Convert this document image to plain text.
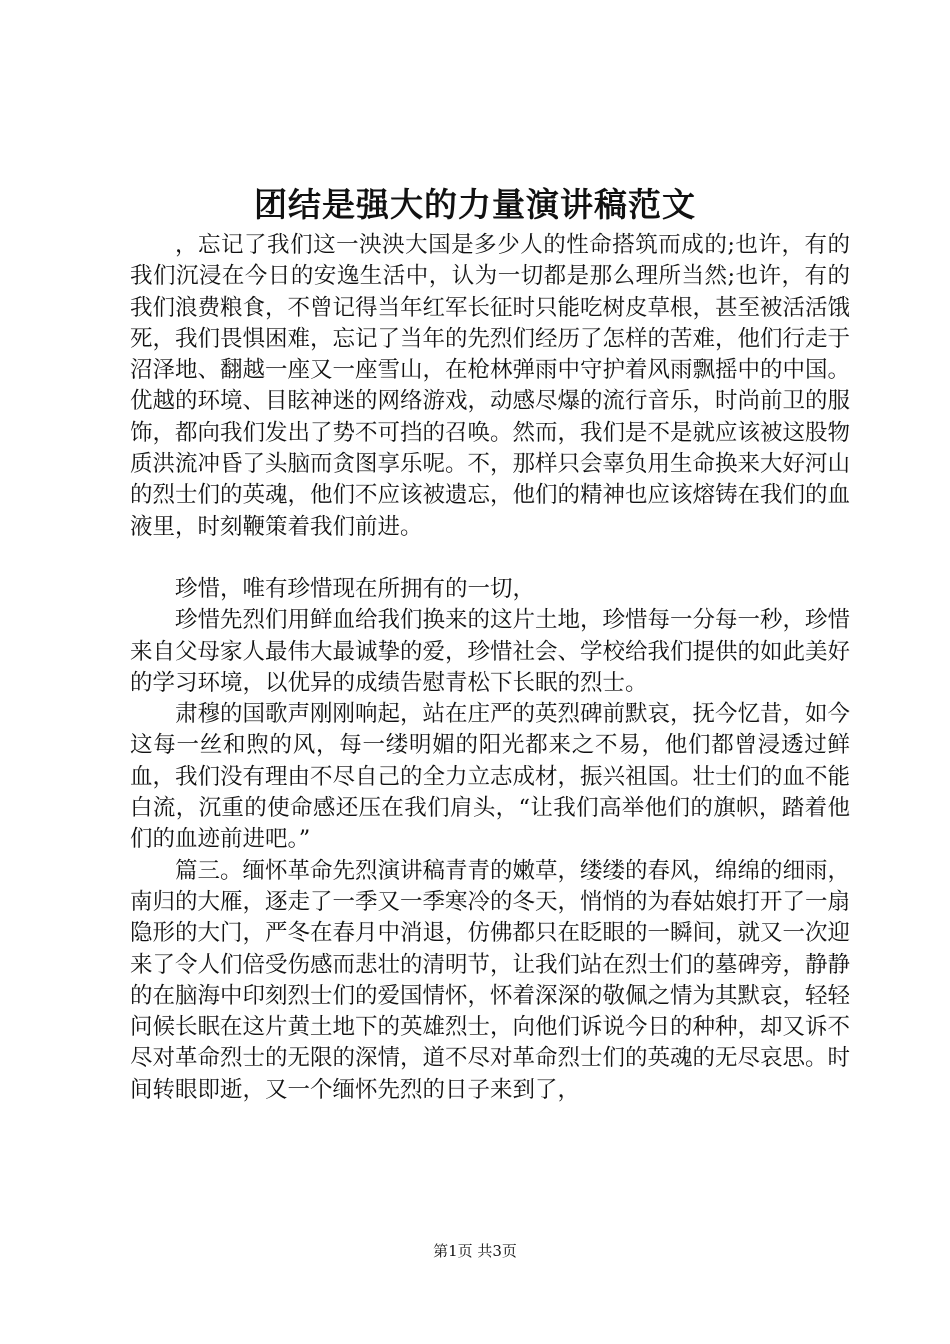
团结是强大的力量演讲稿范文

，忘记了我们这一泱泱大国是多少人的性命搭筑而成的;也许，有的我们沉浸在今日的安逸生活中，认为一切都是那么理所当然;也许，有的我们浪费粮食，不曾记得当年红军长征时只能吃树皮草根，甚至被活活饿死，我们畏惧困难，忘记了当年的先烈们经历了怎样的苦难，他们行走于沼泽地、翻越一座又一座雪山，在枪林弹雨中守护着风雨飘摇中的中国。优越的环境、目眩神迷的网络游戏，动感尽爆的流行音乐，时尚前卫的服饰，都向我们发出了势不可挡的召唤。然而，我们是不是就应该被这股物质洪流冲昏了头脑而贪图享乐呢。不，那样只会辜负用生命换来大好河山的烈士们的英魂，他们不应该被遗忘，他们的精神也应该熔铸在我们的血液里，时刻鞭策着我们前进。

珍惜，唯有珍惜现在所拥有的一切，

珍惜先烈们用鲜血给我们换来的这片土地，珍惜每一分每一秒，珍惜来自父母家人最伟大最诚挚的爱，珍惜社会、学校给我们提供的如此美好的学习环境，以优异的成绩告慰青松下长眠的烈士。

肃穆的国歌声刚刚响起，站在庄严的英烈碑前默哀，抚今忆昔，如今这每一丝和煦的风，每一缕明媚的阳光都来之不易，他们都曾浸透过鲜血，我们没有理由不尽自己的全力立志成材，振兴祖国。壮士们的血不能白流，沉重的使命感还压在我们肩头，“让我们高举他们的旗帜，踏着他们的血迹前进吧。”

篇三。缅怀革命先烈演讲稿青青的嫩草，缕缕的春风，绵绵的细雨，南归的大雁，逐走了一季又一季寒冷的冬天，悄悄的为春姑娘打开了一扇隐形的大门，严冬在春月中消退，仿佛都只在眨眼的一瞬间，就又一次迎来了令人们倍受伤感而悲壮的清明节，让我们站在烈士们的墓碑旁，静静的在脑海中印刻烈士们的爱国情怀，怀着深深的敬佩之情为其默哀，轻轻问候长眠在这片黄土地下的英雄烈士，向他们诉说今日的种种，却又诉不尽对革命烈士的无限的深情，道不尽对革命烈士们的英魂的无尽哀思。时间转眼即逝，又一个缅怀先烈的日子来到了，

第1页 共3页
